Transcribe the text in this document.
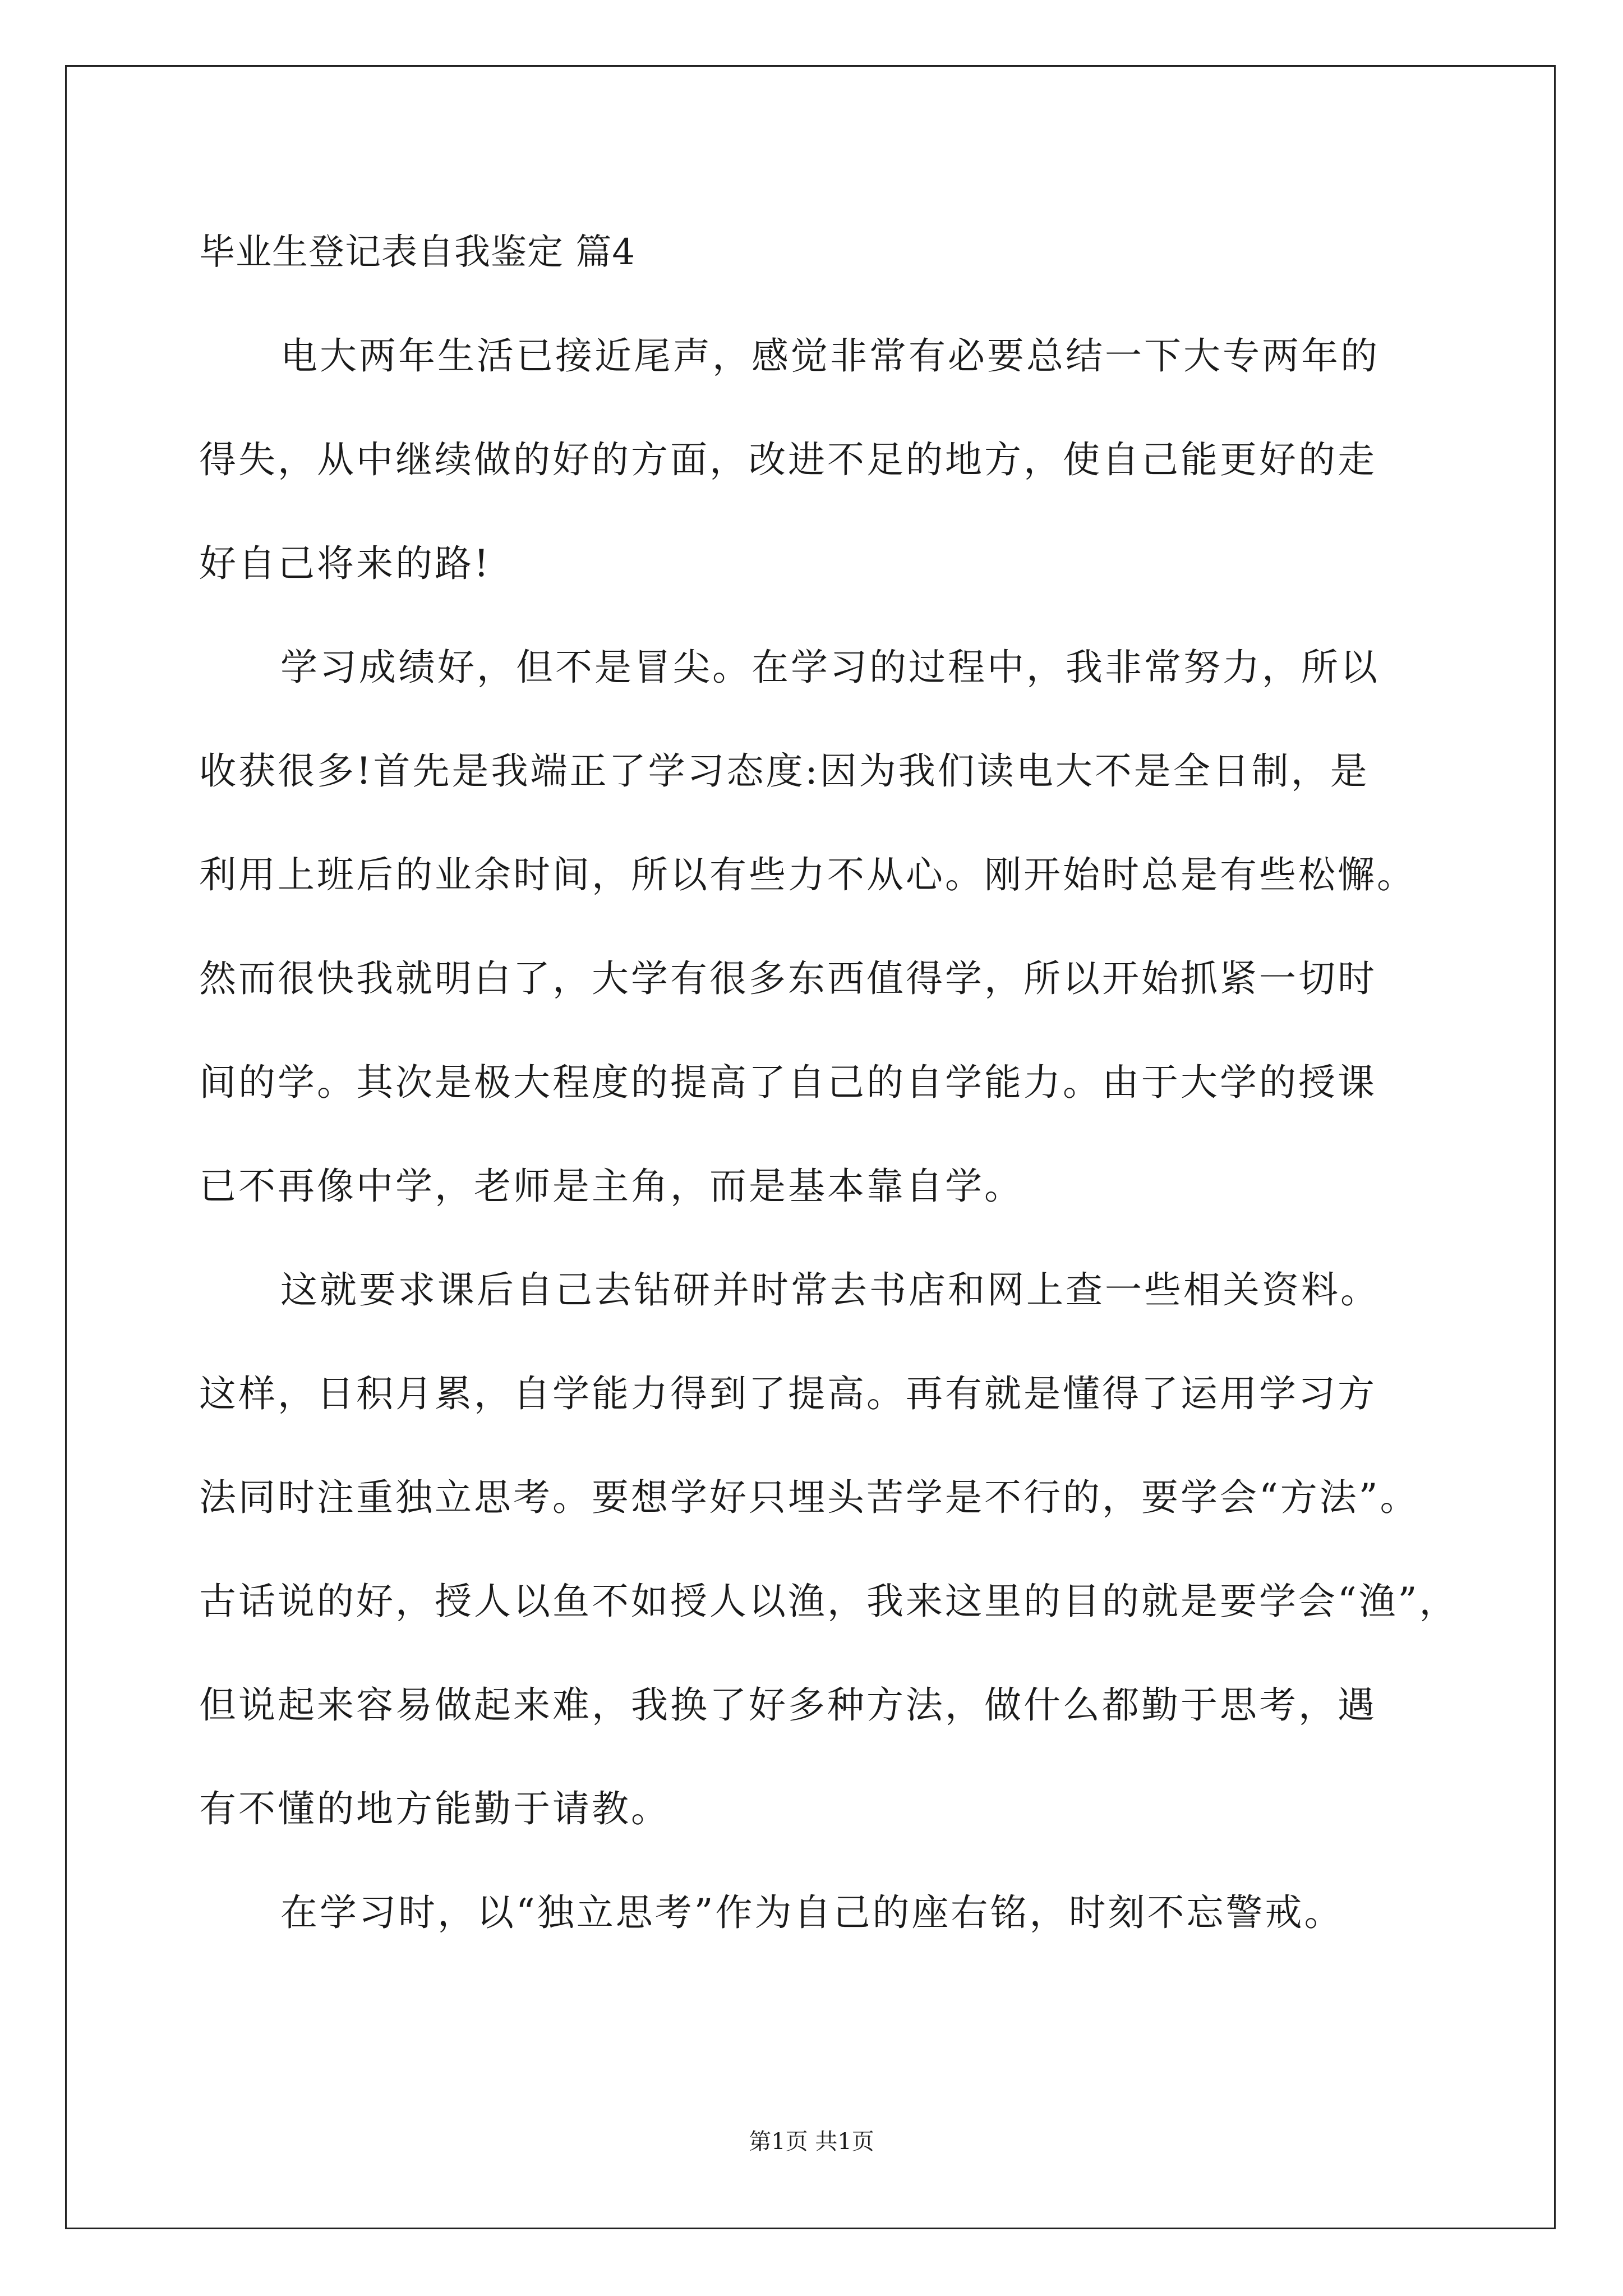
毕业生登记表自我鉴定 篇4
电大两年生活已接近尾声，感觉非常有必要总结一下大专两年的
得失，从中继续做的好的方面，改进不足的地方，使自己能更好的走
好自己将来的路!
学习成绩好，但不是冒尖。在学习的过程中，我非常努力，所以
收获很多!首先是我端正了学习态度:因为我们读电大不是全日制，是
利用上班后的业余时间，所以有些力不从心。刚开始时总是有些松懈。
然而很快我就明白了，大学有很多东西值得学，所以开始抓紧一切时
间的学。其次是极大程度的提高了自己的自学能力。由于大学的授课
已不再像中学，老师是主角，而是基本靠自学。
这就要求课后自己去钻研并时常去书店和网上查一些相关资料。
这样，日积月累，自学能力得到了提高。再有就是懂得了运用学习方
法同时注重独立思考。要想学好只埋头苦学是不行的，要学会“方法”。
古话说的好，授人以鱼不如授人以渔，我来这里的目的就是要学会“渔”，
但说起来容易做起来难，我换了好多种方法，做什么都勤于思考，遇
有不懂的地方能勤于请教。
在学习时，以“独立思考”作为自己的座右铭，时刻不忘警戒。
第1页 共1页
